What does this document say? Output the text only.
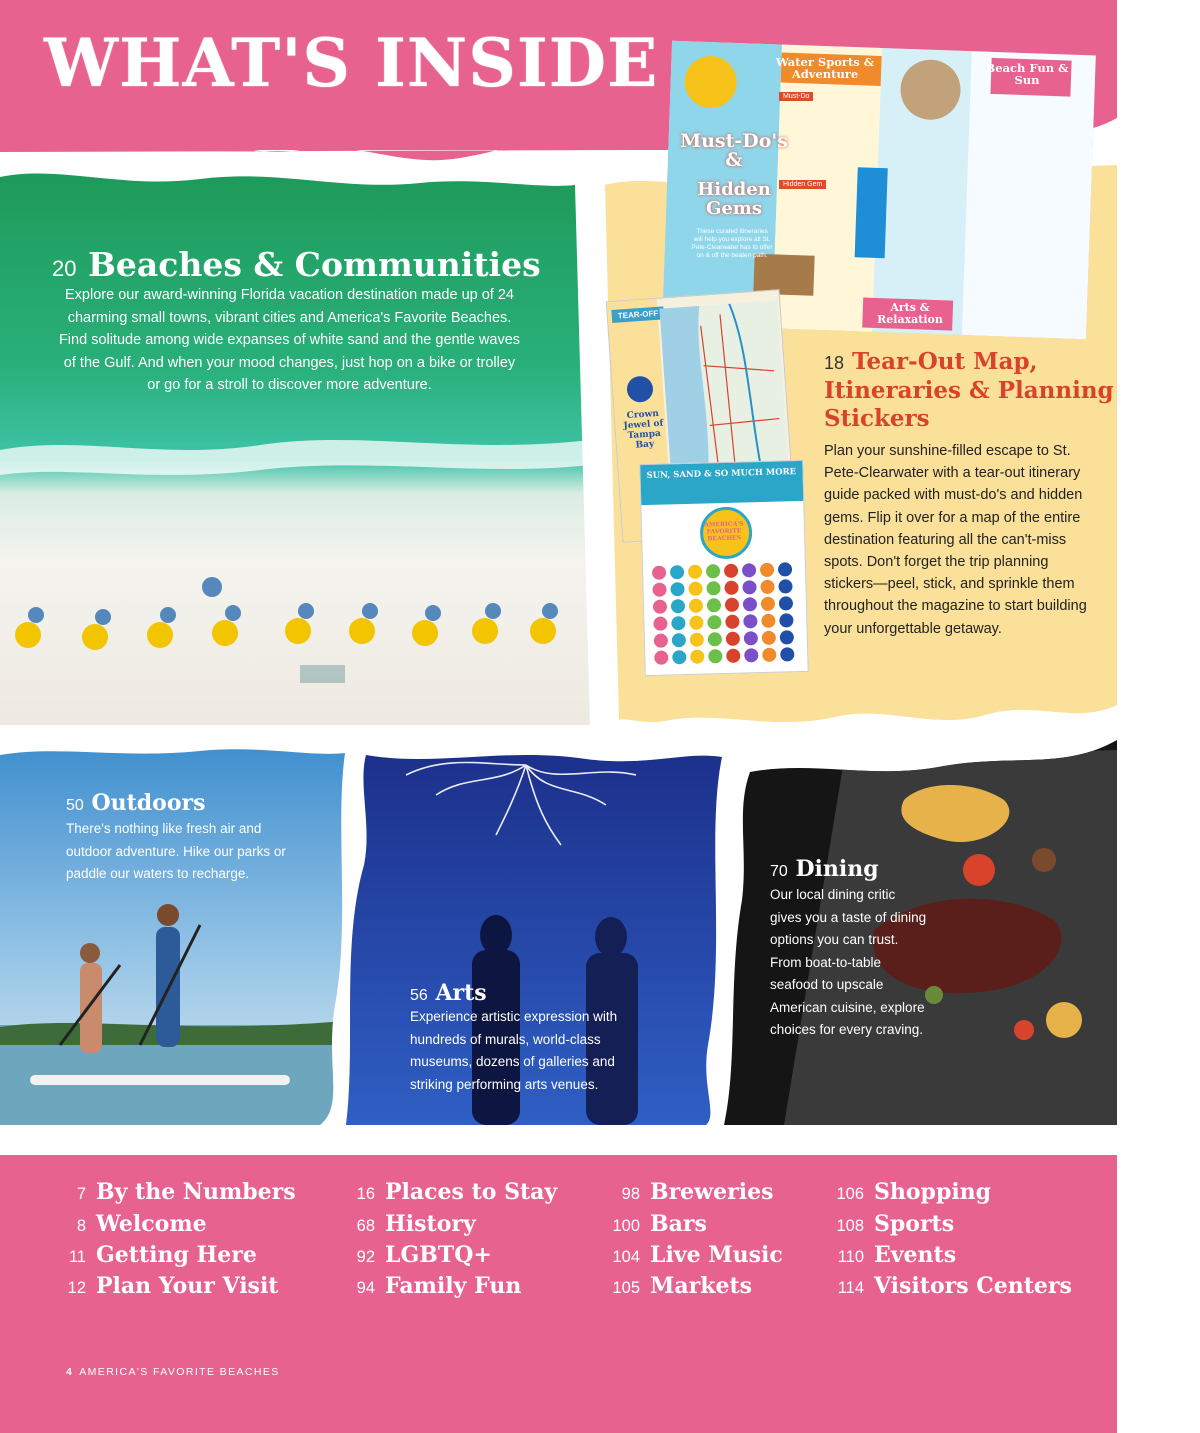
WHAT'S INSIDE
20 Beaches & Communities
Explore our award-winning Florida vacation destination made up of 24 charming small towns, vibrant cities and America's Favorite Beaches. Find solitude among wide expanses of white sand and the gentle waves of the Gulf. And when your mood changes, just hop on a bike or trolley or go for a stroll to discover more adventure.
Water Sports & Adventure	Beach Fun & Sun
Must-Do's &
Hidden Gems
These curated itineraries will help you explore all St. Pete-Clearwater has to offer on & off the beaten path.
Arts & Relaxation
Must-Do
Hidden Gem
TEAR-OFF
Crown Jewel of Tampa Bay
SUN, SAND & SO MUCH MORE
AMERICA'S FAVORITE BEACHES
18 Tear-Out Map, Itineraries & Planning Stickers
Plan your sunshine-filled escape to St. Pete-Clearwater with a tear-out itinerary guide packed with must-do's and hidden gems. Flip it over for a map of the entire destination featuring all the can't-miss spots. Don't forget the trip planning stickers—peel, stick, and sprinkle them throughout the magazine to start building your unforgettable getaway.
50 Outdoors
There's nothing like fresh air and outdoor adventure. Hike our parks or paddle our waters to recharge.
56 Arts
Experience artistic expression with hundreds of murals, world-class museums, dozens of galleries and striking performing arts venues.
70 Dining
Our local dining critic gives you a taste of dining options you can trust. From boat-to-table seafood to upscale American cuisine, explore choices for every craving.
7 By the Numbers
8 Welcome
11 Getting Here
12 Plan Your Visit
16 Places to Stay
68 History
92 LGBTQ+
94 Family Fun
98 Breweries
100 Bars
104 Live Music
105 Markets
106 Shopping
108 Sports
110 Events
114 Visitors Centers
4 AMERICA'S FAVORITE BEACHES
